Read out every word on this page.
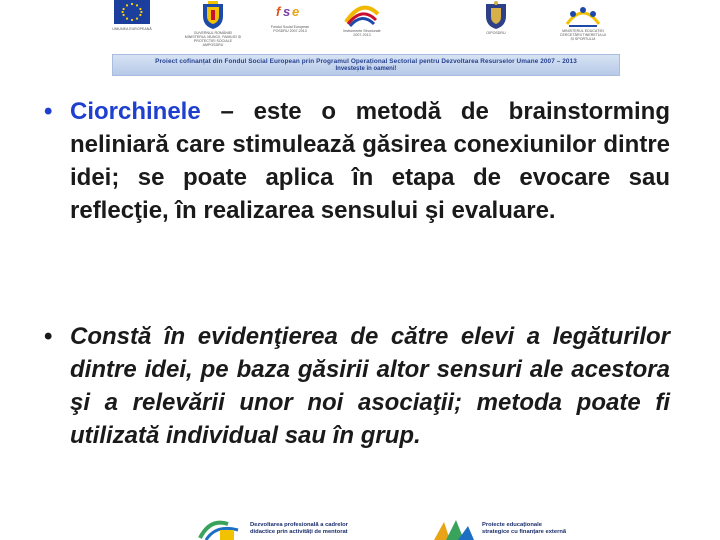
UNIUNEA EUROPEANĂ
GUVERNUL ROMÂNIEI
MINISTERUL MUNCII, FAMILIEI ȘI
PROTECȚIEI SOCIALE
AMPOSDRU
f s e
Fondul Social European
POSDRU 2007-2013	Instrumente Structurale
2007-2013	OIPOSDRU	MINISTERUL EDUCAȚIEI
CERCETĂRII TINERETULUI
ȘI SPORTULUI
Proiect cofinanțat din Fondul Social European prin Programul Operațional Sectorial pentru Dezvoltarea Resurselor Umane 2007 – 2013
Investește în oameni!
• Ciorchinele – este o metodă de brainstorming neliniară care stimulează găsirea conexiunilor dintre idei; se poate aplica în etapa de evocare sau reflecţie, în realizarea sensului şi evaluare.
• Constă în evidenţierea de către elevi a legăturilor dintre idei, pe baza găsirii altor sensuri ale acestora şi a relevării unor noi asociaţii; metoda poate fi utilizată individual sau în grup.
Dezvoltarea profesională a cadrelor
didactice prin activități de mentorat
Proiecte educaționale
strategice cu finanțare externă
